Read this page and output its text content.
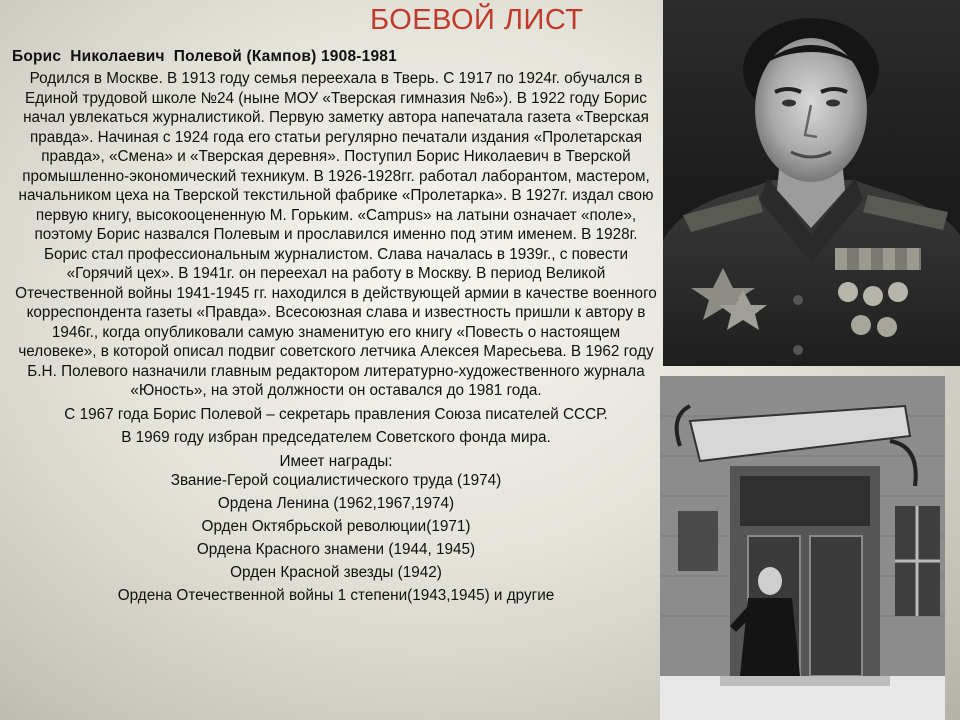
БОЕВОЙ ЛИСТ
Борис  Николаевич  Полевой (Кампов) 1908-1981

Родился в Москве. В 1913 году семья переехала в Тверь. С 1917 по 1924г. обучался в Единой трудовой школе №24 (ныне МОУ «Тверская гимназия №6»). В 1922 году Борис начал увлекаться журналистикой. Первую заметку автора напечатала газета «Тверская правда». Начиная с 1924 года его статьи регулярно печатали издания «Пролетарская правда», «Смена» и «Тверская деревня». Поступил Борис Николаевич в Тверской промышленно-экономический техникум. В 1926-1928гг. работал лаборантом, мастером, начальником цеха на Тверской текстильной фабрике «Пролетарка». В 1927г. издал свою первую книгу, высокооцененную М. Горьким. «Campus» на латыни означает «поле», поэтому Борис назвался Полевым и прославился именно под этим именем. В 1928г. Борис стал профессиональным журналистом. Слава началась в 1939г., с повести «Горячий цех». В 1941г. он переехал на работу в Москву. В период Великой Отечественной войны 1941-1945 гг. находился в действующей армии в качестве военного корреспондента газеты «Правда». Всесоюзная слава и известность пришли к автору в 1946г., когда опубликовали самую знаменитую его книгу «Повесть о настоящем человеке», в которой описал подвиг советского летчика Алексея Маресьева. В 1962 году Б.Н. Полевого назначили главным редактором литературно-художественного журнала «Юность», на этой должности он оставался до 1981 года.

С 1967 года Борис Полевой – секретарь правления Союза писателей СССР.

В 1969 году избран председателем Советского фонда мира.

Имеет награды:

Звание-Герой социалистического труда (1974)
Ордена Ленина (1962,1967,1974)
Орден Октябрьской революции(1971)
Ордена Красного знамени (1944, 1945)
Орден Красной звезды (1942)
Ордена Отечественной войны 1 степени(1943,1945) и другие
